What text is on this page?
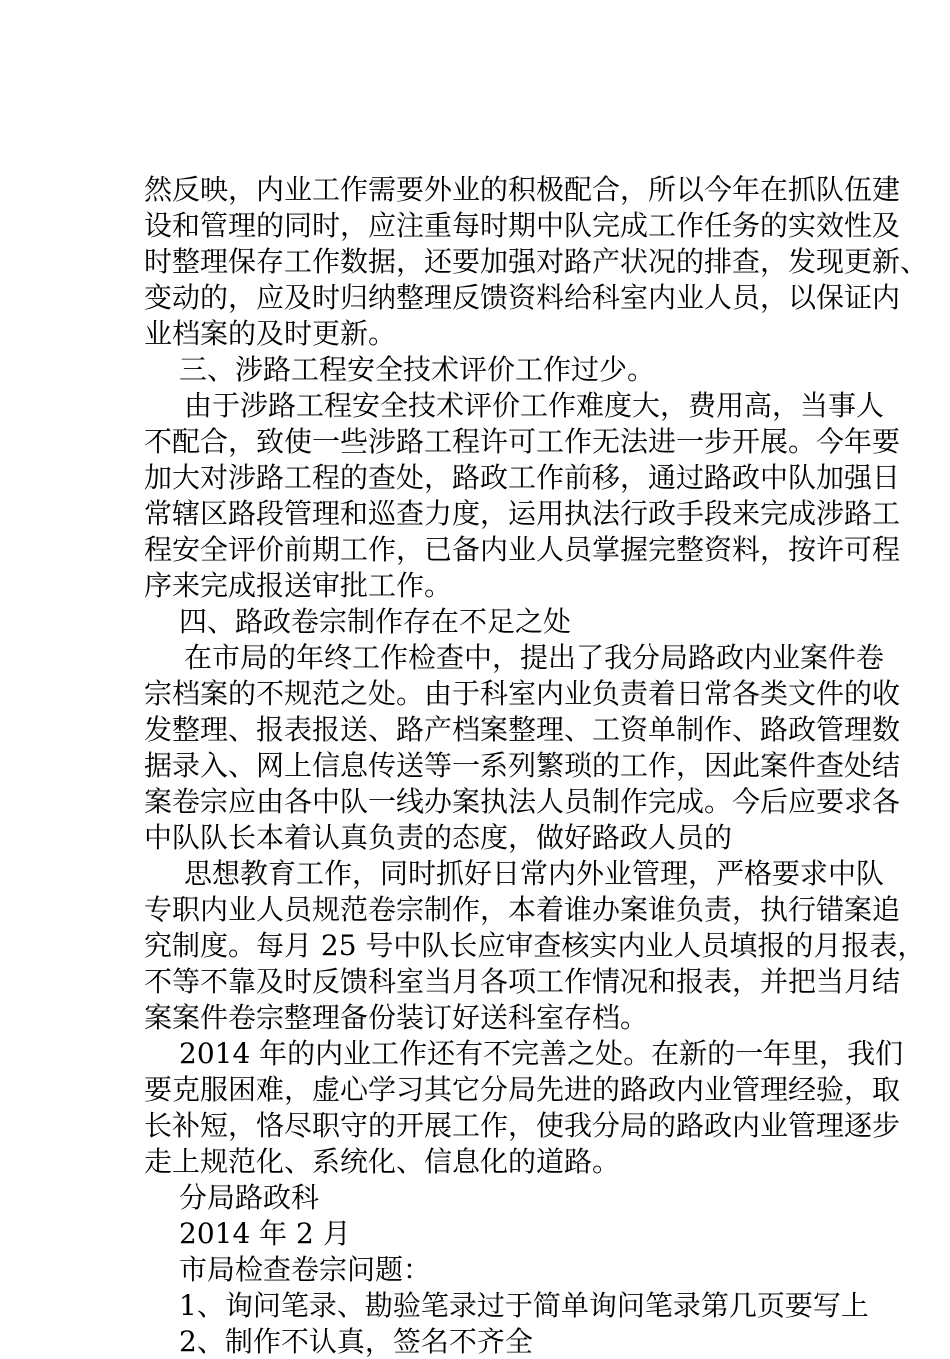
然反映，内业工作需要外业的积极配合，所以今年在抓队伍建
设和管理的同时，应注重每时期中队完成工作任务的实效性及
时整理保存工作数据，还要加强对路产状况的排查，发现更新、
变动的，应及时归纳整理反馈资料给科室内业人员，以保证内
业档案的及时更新。
三、涉路工程安全技术评价工作过少。
由于涉路工程安全技术评价工作难度大，费用高，当事人
不配合，致使一些涉路工程许可工作无法进一步开展。今年要
加大对涉路工程的查处，路政工作前移，通过路政中队加强日
常辖区路段管理和巡查力度，运用执法行政手段来完成涉路工
程安全评价前期工作，已备内业人员掌握完整资料，按许可程
序来完成报送审批工作。
四、路政卷宗制作存在不足之处
在市局的年终工作检查中，提出了我分局路政内业案件卷
宗档案的不规范之处。由于科室内业负责着日常各类文件的收
发整理、报表报送、路产档案整理、工资单制作、路政管理数
据录入、网上信息传送等一系列繁琐的工作，因此案件查处结
案卷宗应由各中队一线办案执法人员制作完成。今后应要求各
中队队长本着认真负责的态度，做好路政人员的
思想教育工作，同时抓好日常内外业管理，严格要求中队
专职内业人员规范卷宗制作，本着谁办案谁负责，执行错案追
究制度。每月 25 号中队长应审查核实内业人员填报的月报表，
不等不靠及时反馈科室当月各项工作情况和报表，并把当月结
案案件卷宗整理备份装订好送科室存档。
2014 年的内业工作还有不完善之处。在新的一年里，我们
要克服困难，虚心学习其它分局先进的路政内业管理经验，取
长补短，恪尽职守的开展工作，使我分局的路政内业管理逐步
走上规范化、系统化、信息化的道路。
分局路政科
2014 年 2 月
市局检查卷宗问题：
1、询问笔录、勘验笔录过于简单询问笔录第几页要写上
2、制作不认真，签名不齐全
